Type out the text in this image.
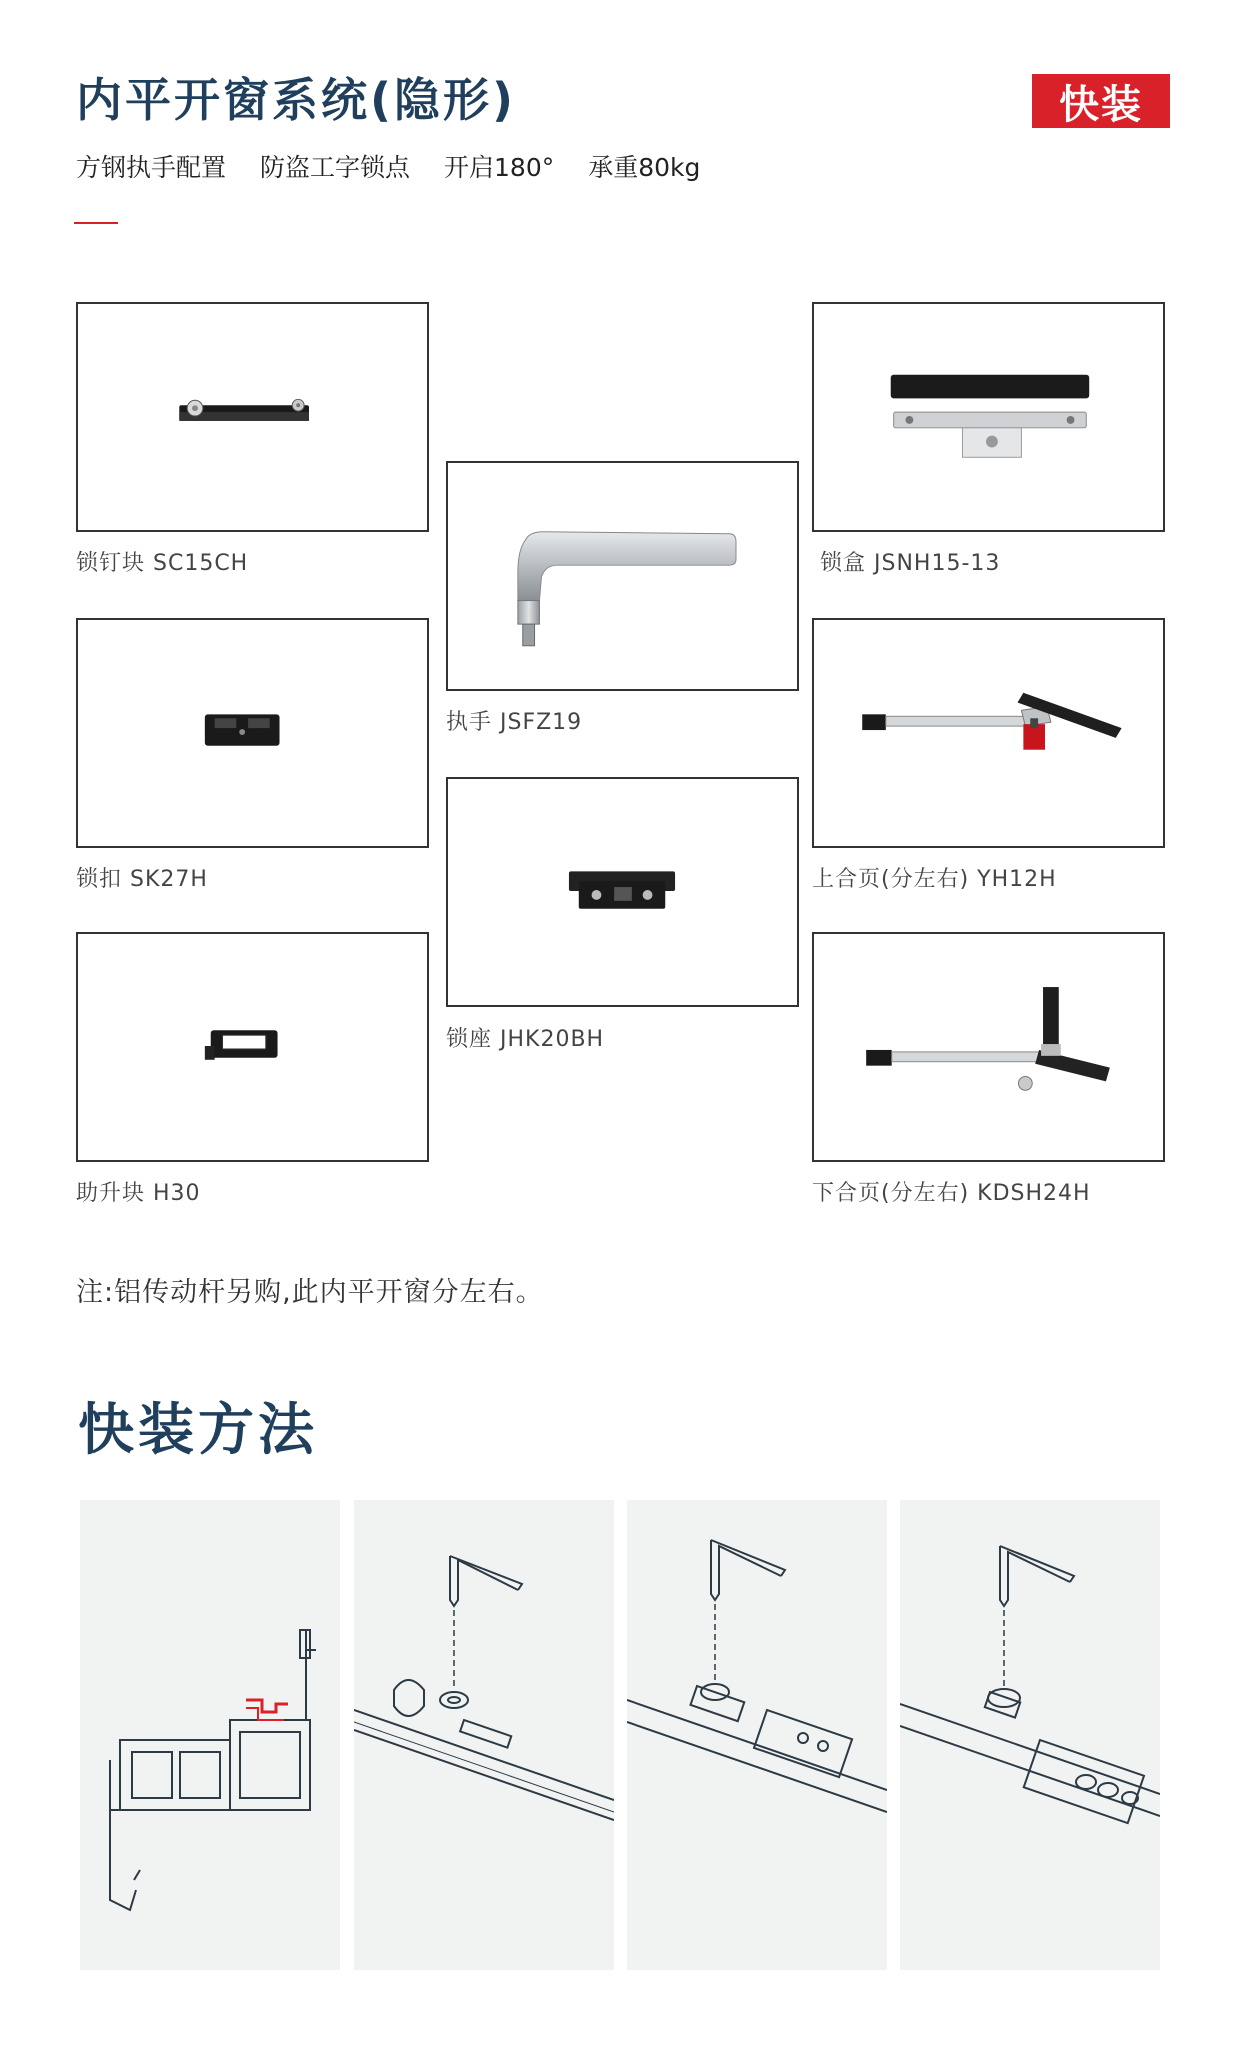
内平开窗系统(隐形)	快装
方钢执手配置 防盗工字锁点 开启180° 承重80kg
锁钉块 SC15CH
执手 JSFZ19
锁盒 JSNH15-13
锁扣 SK27H
锁座 JHK20BH
上合页(分左右) YH12H
助升块 H30	下合页(分左右) KDSH24H
注:铝传动杆另购,此内平开窗分左右。
快装方法
